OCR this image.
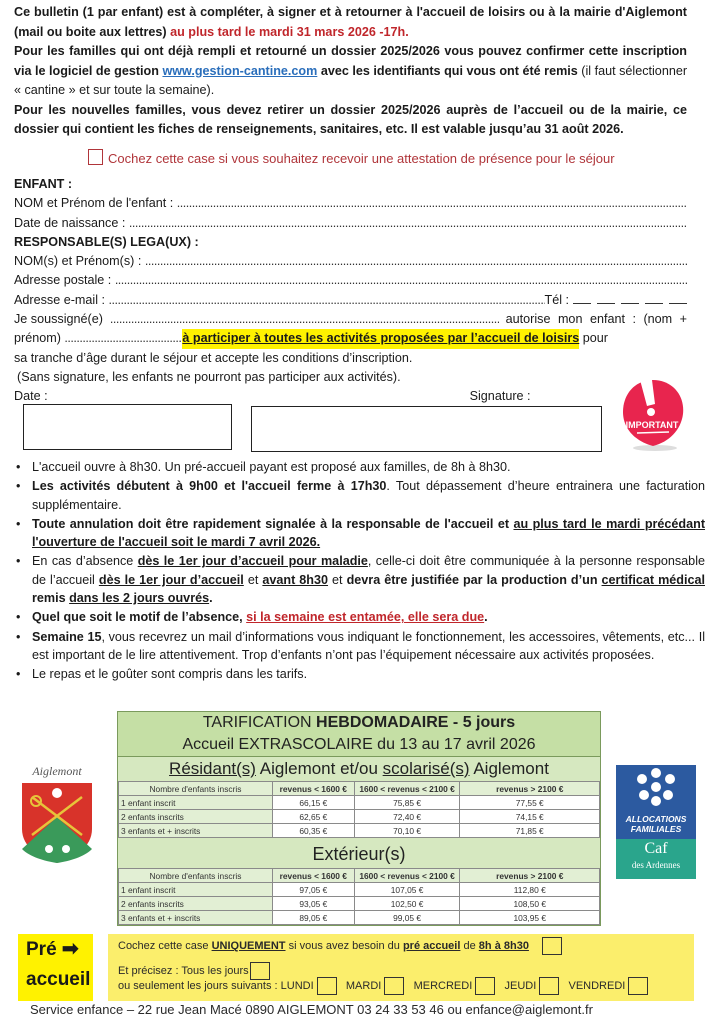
Ce bulletin (1 par enfant) est à compléter, à signer et à retourner à l'accueil de loisirs ou à la mairie d'Aiglemont (mail ou boite aux lettres) au plus tard le mardi 31 mars 2026 -17h.
Pour les familles qui ont déjà rempli et retourné un dossier 2025/2026 vous pouvez confirmer cette inscription via le logiciel de gestion www.gestion-cantine.com avec les identifiants qui vous ont été remis (il faut sélectionner « cantine » et sur toute la semaine).
Pour les nouvelles familles, vous devez retirer un dossier 2025/2026 auprès de l’accueil ou de la mairie, ce dossier qui contient les fiches de renseignements, sanitaires, etc. Il est valable jusqu’au 31 août 2026.
Cochez cette case si vous souhaitez recevoir une attestation de présence pour le séjour
ENFANT :
NOM et Prénom de l'enfant :

.....
Date de naissance :

.....
RESPONSABLE(S) LEGA(UX) :
NOM(s) et Prénom(s) :

.....
Adresse postale :

.....
Adresse e-mail :
.....	Tél :
Je soussigné(e)
.....
	autorise mon enfant : (nom +
prénom)
.....	à participer à toutes les activités proposées par l’accueil de loisirs
pour
sa tranche d’âge durant le séjour et accepte les conditions d’inscription.
(Sans signature, les enfants ne pourront pas participer aux activités).
Date :	Signature :
IMPORTANT
• L'accueil ouvre à 8h30. Un pré-accueil payant est proposé aux familles, de 8h à 8h30.
• Les activités débutent à 9h00 et l'accueil ferme à 17h30. Tout dépassement d’heure entrainera une facturation supplémentaire.
• Toute annulation doit être rapidement signalée à la responsable de l'accueil et au plus tard le mardi précédant l'ouverture de l'accueil soit le mardi 7 avril 2026.
• En cas d’absence dès le 1er jour d’accueil pour maladie, celle-ci doit être communiquée à la personne responsable de l’accueil dès le 1er jour d’accueil et avant 8h30 et devra être justifiée par la production d’un certificat médical remis dans les 2 jours ouvrés.
• Quel que soit le motif de l’absence, si la semaine est entamée, elle sera due.
• Semaine 15, vous recevrez un mail d’informations vous indiquant le fonctionnement, les accessoires, vêtements, etc... Il est important de le lire attentivement. Trop d’enfants n’ont pas l’équipement nécessaire aux activités proposées.
• Le repas et le goûter sont compris dans les tarifs.
Aiglemont
TARIFICATION HEBDOMADAIRE - 5 jours
Accueil EXTRASCOLAIRE du 13 au 17 avril 2026
Résidant(s) Aiglemont et/ou scolarisé(s) Aiglemont
Nombre d'enfants inscris	revenus < 1600 €	1600 < revenus < 2100 €	revenus > 2100 €
1 enfant inscrit	66,15 €	75,85 €	77,55 €
2 enfants inscrits	62,65 €	72,40 €	74,15 €
3 enfants et + inscrits	60,35 €	70,10 €	71,85 €
Extérieur(s)
Nombre d'enfants inscris	revenus < 1600 €	1600 < revenus < 2100 €	revenus > 2100 €
1 enfant inscrit	97,05 €	107,05 €	112,80 €
2 enfants inscrits	93,05 €	102,50 €	108,50 €
3 enfants et + inscrits	89,05 €	99,05 €	103,95 €
ALLOCATIONS
FAMILIALES
Caf
des Ardennes
Pré ➡
accueil
Cochez cette case UNIQUEMENT si vous avez besoin du pré accueil de 8h à 8h30
Et précisez : Tous les jours
ou seulement les jours suivants : LUNDI	MARDI	MERCREDI	JEUDI	VENDREDI
Service enfance – 22 rue Jean Macé 0890 AIGLEMONT 03 24 33 53 46 ou enfance@aiglemont.fr
